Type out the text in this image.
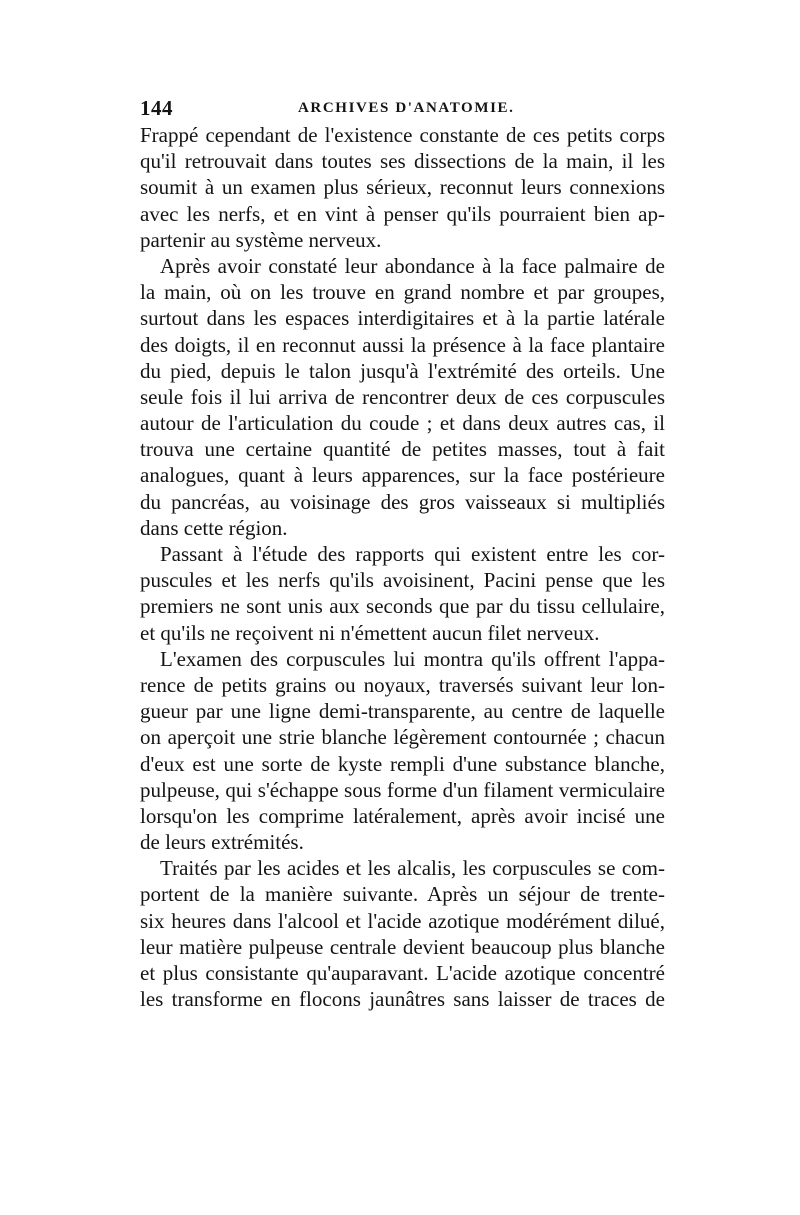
144	ARCHIVES D'ANATOMIE.
Frappé cependant de l'existence constante de ces petits corps
qu'il retrouvait dans toutes ses dissections de la main, il les
soumit à un examen plus sérieux, reconnut leurs connexions
avec les nerfs, et en vint à penser qu'ils pourraient bien ap-
partenir au système nerveux.
Après avoir constaté leur abondance à la face palmaire de
la main, où on les trouve en grand nombre et par groupes,
surtout dans les espaces interdigitaires et à la partie latérale
des doigts, il en reconnut aussi la présence à la face plantaire
du pied, depuis le talon jusqu'à l'extrémité des orteils. Une
seule fois il lui arriva de rencontrer deux de ces corpuscules
autour de l'articulation du coude ; et dans deux autres cas, il
trouva une certaine quantité de petites masses, tout à fait
analogues, quant à leurs apparences, sur la face postérieure
du pancréas, au voisinage des gros vaisseaux si multipliés
dans cette région.
Passant à l'étude des rapports qui existent entre les cor-
puscules et les nerfs qu'ils avoisinent, Pacini pense que les
premiers ne sont unis aux seconds que par du tissu cellulaire,
et qu'ils ne reçoivent ni n'émettent aucun filet nerveux.
L'examen des corpuscules lui montra qu'ils offrent l'appa-
rence de petits grains ou noyaux, traversés suivant leur lon-
gueur par une ligne demi-transparente, au centre de laquelle
on aperçoit une strie blanche légèrement contournée ; chacun
d'eux est une sorte de kyste rempli d'une substance blanche,
pulpeuse, qui s'échappe sous forme d'un filament vermiculaire
lorsqu'on les comprime latéralement, après avoir incisé une
de leurs extrémités.
Traités par les acides et les alcalis, les corpuscules se com-
portent de la manière suivante. Après un séjour de trente-
six heures dans l'alcool et l'acide azotique modérément dilué,
leur matière pulpeuse centrale devient beaucoup plus blanche
et plus consistante qu'auparavant. L'acide azotique concentré
les transforme en flocons jaunâtres sans laisser de traces de
